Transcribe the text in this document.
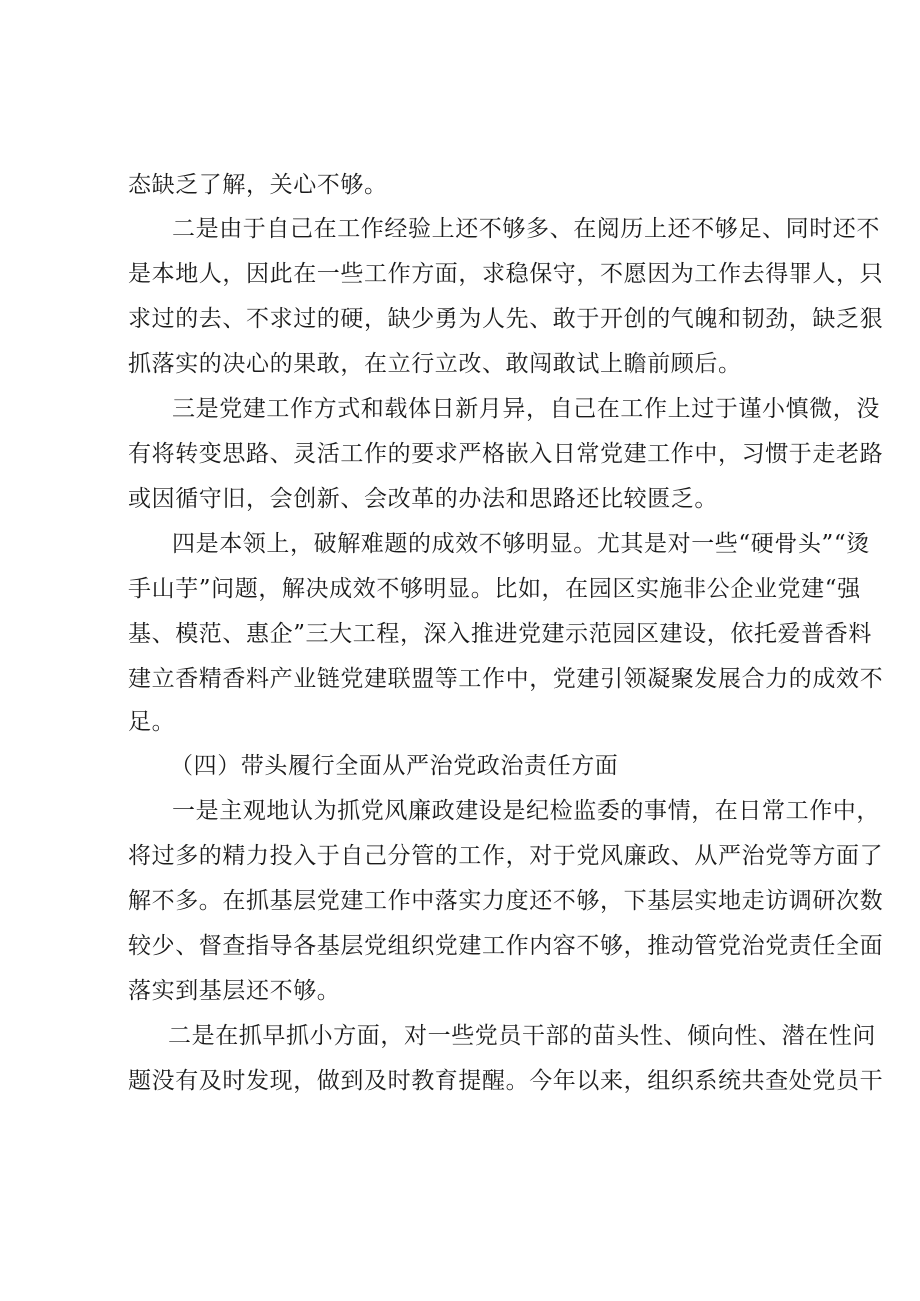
态缺乏了解，关心不够。
二是由于自己在工作经验上还不够多、在阅历上还不够足、同时还不
是本地人，因此在一些工作方面，求稳保守，不愿因为工作去得罪人，只
求过的去、不求过的硬，缺少勇为人先、敢于开创的气魄和韧劲，缺乏狠
抓落实的决心的果敢，在立行立改、敢闯敢试上瞻前顾后。
三是党建工作方式和载体日新月异，自己在工作上过于谨小慎微，没
有将转变思路、灵活工作的要求严格嵌入日常党建工作中，习惯于走老路
或因循守旧，会创新、会改革的办法和思路还比较匮乏。
四是本领上，破解难题的成效不够明显。尤其是对一些“硬骨头”“烫
手山芋”问题，解决成效不够明显。比如，在园区实施非公企业党建“强
基、模范、惠企”三大工程，深入推进党建示范园区建设，依托爱普香料
建立香精香料产业链党建联盟等工作中，党建引领凝聚发展合力的成效不
足。
（四）带头履行全面从严治党政治责任方面
一是主观地认为抓党风廉政建设是纪检监委的事情，在日常工作中，
将过多的精力投入于自己分管的工作，对于党风廉政、从严治党等方面了
解不多。在抓基层党建工作中落实力度还不够，下基层实地走访调研次数
较少、督查指导各基层党组织党建工作内容不够，推动管党治党责任全面
落实到基层还不够。
二是在抓早抓小方面，对一些党员干部的苗头性、倾向性、潜在性问
题没有及时发现，做到及时教育提醒。今年以来，组织系统共查处党员干
